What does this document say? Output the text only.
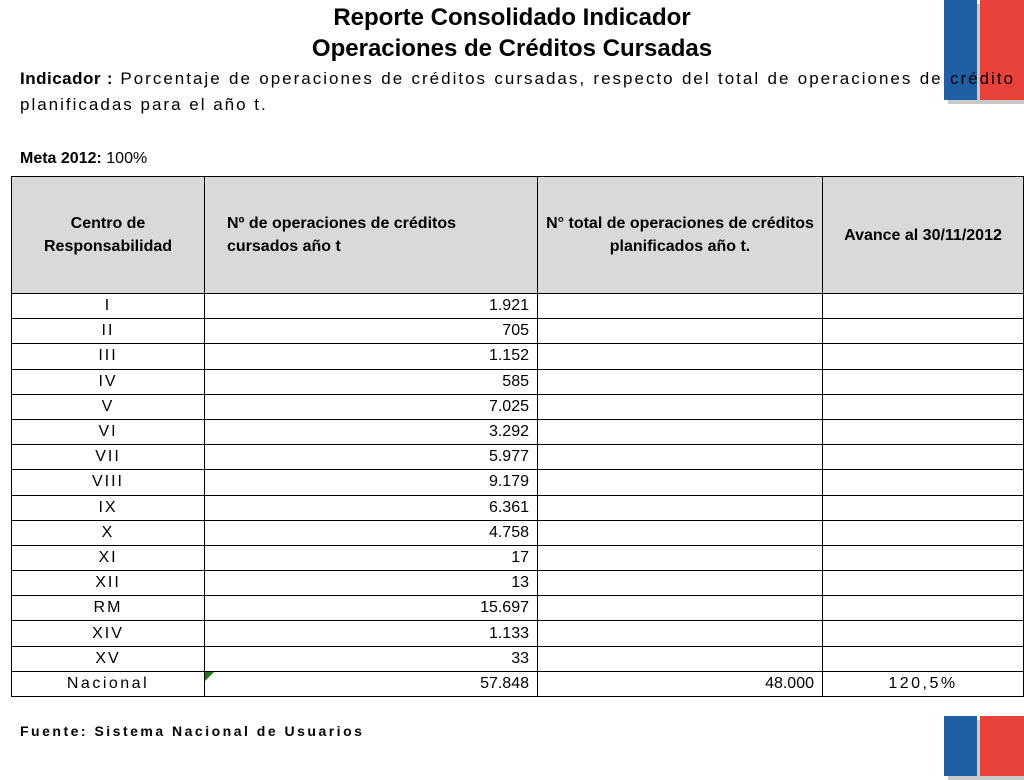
Reporte Consolidado Indicador
Operaciones de Créditos Cursadas
Indicador : Porcentaje de operaciones de créditos cursadas, respecto del total de operaciones de crédito planificadas para el año t.
Meta 2012: 100%
Centro de Responsabilidad	Nº de operaciones de créditos cursados año t	N° total de operaciones de créditos planificados año t.	Avance al 30/11/2012
I	1.921		
II	705		
III	1.152		
IV	585		
V	7.025		
VI	3.292		
VII	5.977		
VIII	9.179		
IX	6.361		
X	4.758		
XI	17		
XII	13		
RM	15.697		
XIV	1.133		
XV	33		
Nacional	57.848	48.000	120,5%
Fuente: Sistema Nacional de Usuarios
